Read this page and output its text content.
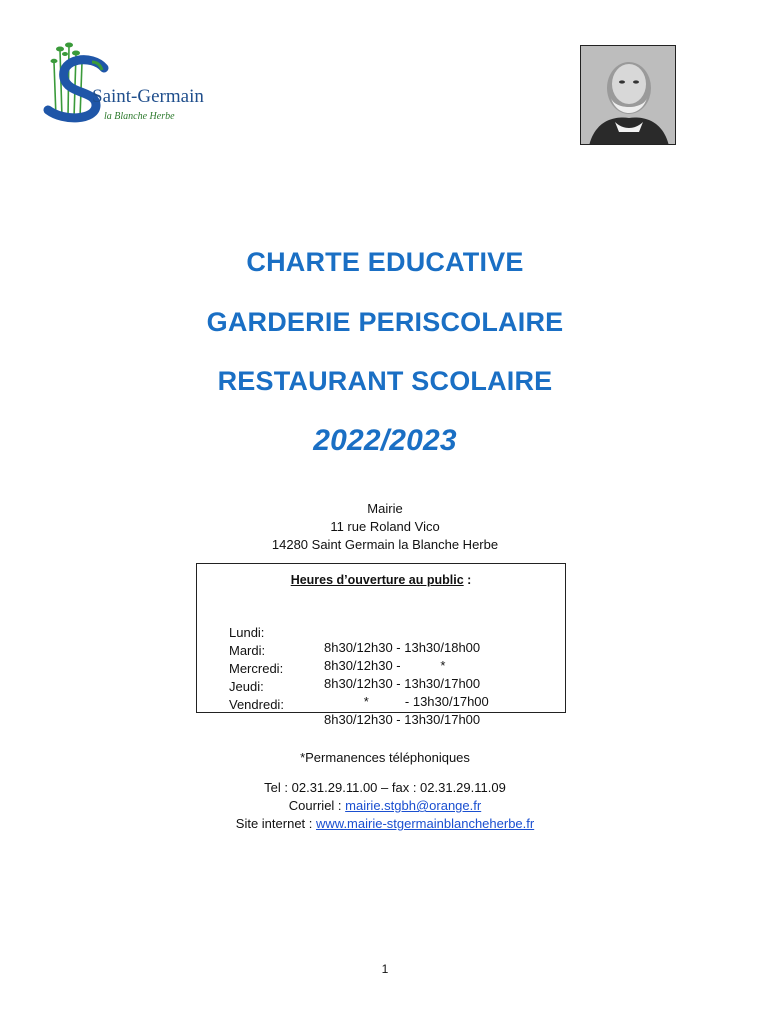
Saint-Germain
la Blanche Herbe
CHARTE EDUCATIVE
GARDERIE PERISCOLAIRE
RESTAURANT SCOLAIRE
2022/2023
Mairie
11 rue Roland Vico
14280 Saint Germain la Blanche Herbe
Heures d’ouverture au public :

Lundi:

8h30/12h30 - 13h30/18h00

Mardi:

8h30/12h30 -           *

Mercredi:

8h30/12h30 - 13h30/17h00

Jeudi:

*          - 13h30/17h00

Vendredi:

8h30/12h30 - 13h30/17h00

*Permanences téléphoniques
Tel : 02.31.29.11.00 – fax : 02.31.29.11.09
Courriel : mairie.stgbh@orange.fr
Site internet : www.mairie-stgermainblancheherbe.fr
1
